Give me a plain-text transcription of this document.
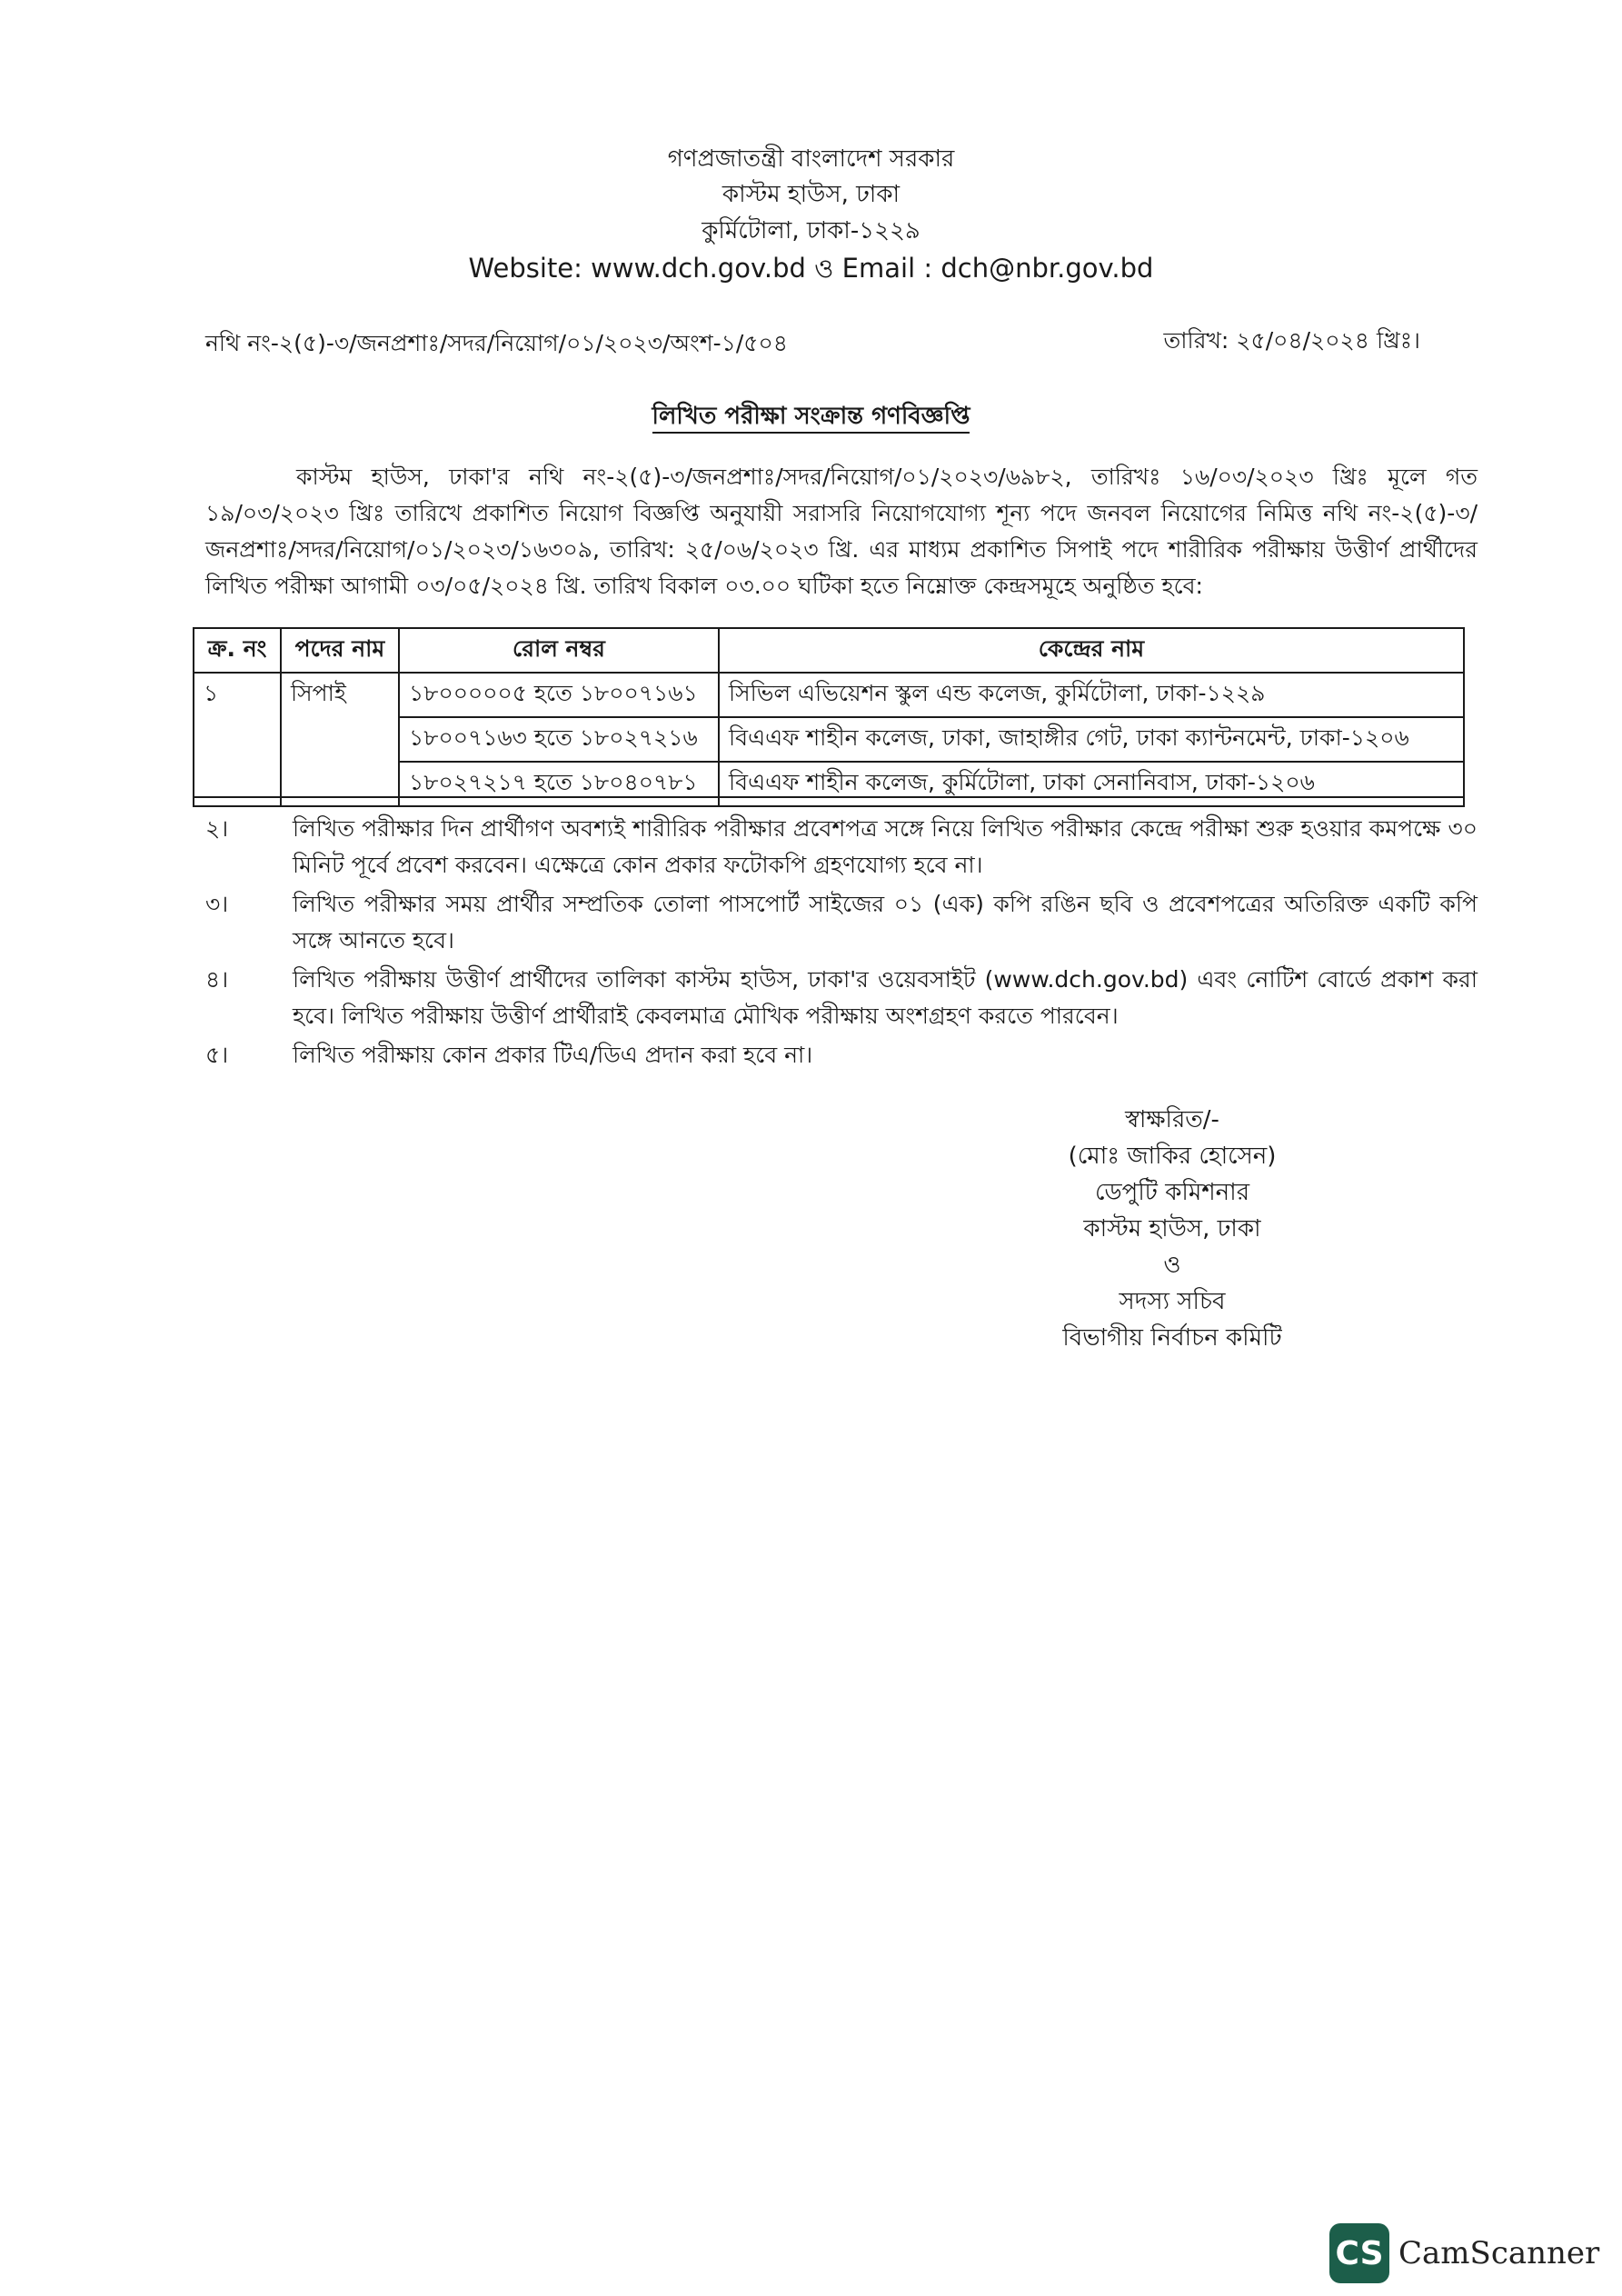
গণপ্রজাতন্ত্রী বাংলাদেশ সরকার
কাস্টম হাউস, ঢাকা
কুর্মিটোলা, ঢাকা-১২২৯
Website: www.dch.gov.bd ও Email : dch@nbr.gov.bd
নথি নং-২(৫)-৩/জনপ্রশাঃ/সদর/নিয়োগ/০১/২০২৩/অংশ-১/৫০৪	তারিখ: ২৫/০৪/২০২৪ খ্রিঃ।
লিখিত পরীক্ষা সংক্রান্ত গণবিজ্ঞপ্তি
কাস্টম হাউস, ঢাকা'র নথি নং-২(৫)-৩/জনপ্রশাঃ/সদর/নিয়োগ/০১/২০২৩/৬৯৮২, তারিখঃ ১৬/০৩/২০২৩ খ্রিঃ মূলে গত ১৯/০৩/২০২৩ খ্রিঃ তারিখে প্রকাশিত নিয়োগ বিজ্ঞপ্তি অনুযায়ী সরাসরি নিয়োগযোগ্য শূন্য পদে জনবল নিয়োগের নিমিত্ত নথি নং-২(৫)-৩/জনপ্রশাঃ/সদর/নিয়োগ/০১/২০২৩/১৬৩০৯, তারিখ: ২৫/০৬/২০২৩ খ্রি. এর মাধ্যম প্রকাশিত সিপাই পদে শারীরিক পরীক্ষায় উত্তীর্ণ প্রার্থীদের লিখিত পরীক্ষা আগামী ০৩/০৫/২০২৪ খ্রি. তারিখ বিকাল ০৩.০০ ঘটিকা হতে নিম্নোক্ত কেন্দ্রসমূহে অনুষ্ঠিত হবে:
ক্র. নং	পদের নাম	রোল নম্বর	কেন্দ্রের নাম
১	সিপাই	১৮০০০০০৫ হতে ১৮০০৭১৬১	সিভিল এভিয়েশন স্কুল এন্ড কলেজ, কুর্মিটোলা, ঢাকা-১২২৯
		১৮০০৭১৬৩ হতে ১৮০২৭২১৬	বিএএফ শাহীন কলেজ, ঢাকা, জাহাঙ্গীর গেট, ঢাকা ক্যান্টনমেন্ট, ঢাকা-১২০৬
		১৮০২৭২১৭ হতে ১৮০৪০৭৮১	বিএএফ শাহীন কলেজ, কুর্মিটোলা, ঢাকা সেনানিবাস, ঢাকা-১২০৬
২।	লিখিত পরীক্ষার দিন প্রার্থীগণ অবশ্যই শারীরিক পরীক্ষার প্রবেশপত্র সঙ্গে নিয়ে লিখিত পরীক্ষার কেন্দ্রে পরীক্ষা শুরু হওয়ার কমপক্ষে ৩০ মিনিট পূর্বে প্রবেশ করবেন। এক্ষেত্রে কোন প্রকার ফটোকপি গ্রহণযোগ্য হবে না।
৩।	লিখিত পরীক্ষার সময় প্রার্থীর সম্প্রতিক তোলা পাসপোর্ট সাইজের ০১ (এক) কপি রঙিন ছবি ও প্রবেশপত্রের অতিরিক্ত একটি কপি সঙ্গে আনতে হবে।
৪।	লিখিত পরীক্ষায় উত্তীর্ণ প্রার্থীদের তালিকা কাস্টম হাউস, ঢাকা'র ওয়েবসাইট (www.dch.gov.bd) এবং নোটিশ বোর্ডে প্রকাশ করা হবে। লিখিত পরীক্ষায় উত্তীর্ণ প্রার্থীরাই কেবলমাত্র মৌখিক পরীক্ষায় অংশগ্রহণ করতে পারবেন।
৫।	লিখিত পরীক্ষায় কোন প্রকার টিএ/ডিএ প্রদান করা হবে না।
স্বাক্ষরিত/-
(মোঃ জাকির হোসেন)
ডেপুটি কমিশনার
কাস্টম হাউস, ঢাকা
ও
সদস্য সচিব
বিভাগীয় নির্বাচন কমিটি
CS CamScanner
